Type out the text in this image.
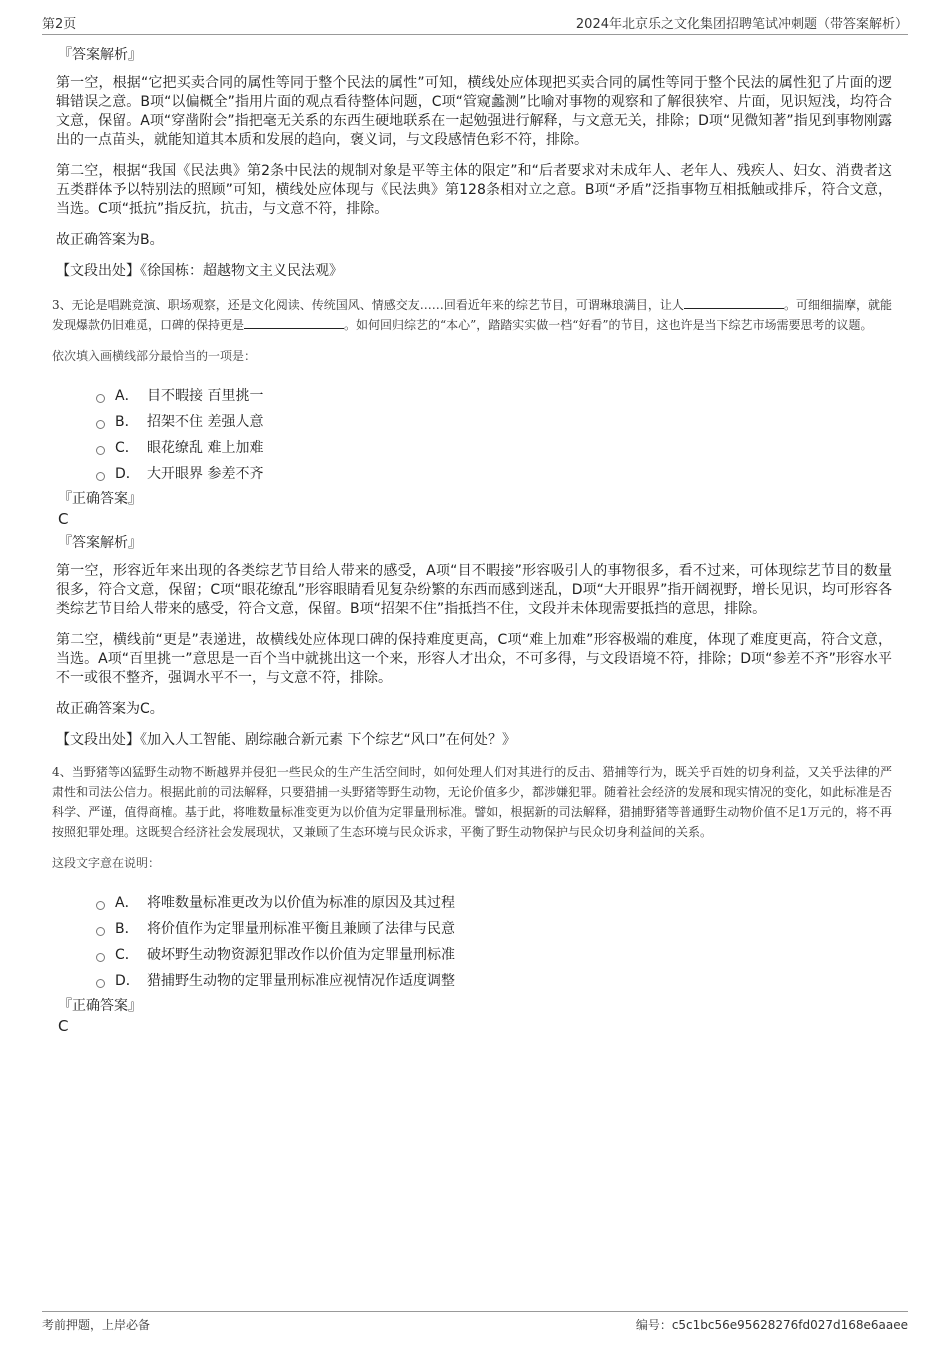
第2页	2024年北京乐之文化集团招聘笔试冲刺题（带答案解析）
『答案解析』

第一空，根据“它把买卖合同的属性等同于整个民法的属性”可知，横线处应体现把买卖合同的属性等同于整个民法的属性犯了片面的逻辑错误之意。B项“以偏概全”指用片面的观点看待整体问题，C项“管窥蠡测”比喻对事物的观察和了解很狭窄、片面，见识短浅，均符合文意，保留。A项“穿凿附会”指把毫无关系的东西生硬地联系在一起勉强进行解释，与文意无关，排除；D项“见微知著”指见到事物刚露出的一点苗头，就能知道其本质和发展的趋向，褒义词，与文段感情色彩不符，排除。

第二空，根据“我国《民法典》第2条中民法的规制对象是平等主体的限定”和“后者要求对未成年人、老年人、残疾人、妇女、消费者这五类群体予以特别法的照顾”可知，横线处应体现与《民法典》第128条相对立之意。B项“矛盾”泛指事物互相抵触或排斥，符合文意，当选。C项“抵抗”指反抗，抗击，与文意不符，排除。

故正确答案为B。

【文段出处】《徐国栋：超越物文主义民法观》

3、无论是唱跳竞演、职场观察，还是文化阅读、传统国风、情感交友……回看近年来的综艺节目，可谓琳琅满目，让人	。可细细揣摩，就能发现爆款仍旧难觅，口碑的保持更是	。如何回归综艺的“本心”，踏踏实实做一档“好看”的节目，这也许是当下综艺市场需要思考的议题。

依次填入画横线部分最恰当的一项是：
A． 目不暇接 百里挑一
B． 招架不住 差强人意
C． 眼花缭乱 难上加难
D． 大开眼界 参差不齐
『正确答案』
C
『答案解析』

第一空，形容近年来出现的各类综艺节目给人带来的感受，A项“目不暇接”形容吸引人的事物很多，看不过来，可体现综艺节目的数量很多，符合文意，保留；C项“眼花缭乱”形容眼睛看见复杂纷繁的东西而感到迷乱，D项“大开眼界”指开阔视野，增长见识，均可形容各类综艺节目给人带来的感受，符合文意，保留。B项“招架不住”指抵挡不住，文段并未体现需要抵挡的意思，排除。

第二空，横线前“更是”表递进，故横线处应体现口碑的保持难度更高，C项“难上加难”形容极端的难度，体现了难度更高，符合文意，当选。A项“百里挑一”意思是一百个当中就挑出这一个来，形容人才出众，不可多得，与文段语境不符，排除；D项“参差不齐”形容水平不一或很不整齐，强调水平不一，与文意不符，排除。

故正确答案为C。

【文段出处】《加入人工智能、剧综融合新元素 下个综艺“风口”在何处？》

4、当野猪等凶猛野生动物不断越界并侵犯一些民众的生产生活空间时，如何处理人们对其进行的反击、猎捕等行为，既关乎百姓的切身利益，又关乎法律的严肃性和司法公信力。根据此前的司法解释，只要猎捕一头野猪等野生动物，无论价值多少，都涉嫌犯罪。随着社会经济的发展和现实情况的变化，如此标准是否科学、严谨，值得商榷。基于此，将唯数量标准变更为以价值为定罪量刑标准。譬如，根据新的司法解释，猎捕野猪等普通野生动物价值不足1万元的，将不再按照犯罪处理。这既契合经济社会发展现状，又兼顾了生态环境与民众诉求，平衡了野生动物保护与民众切身利益间的关系。

这段文字意在说明：
A． 将唯数量标准更改为以价值为标准的原因及其过程
B． 将价值作为定罪量刑标准平衡且兼顾了法律与民意
C． 破坏野生动物资源犯罪改作以价值为定罪量刑标准
D． 猎捕野生动物的定罪量刑标准应视情况作适度调整
『正确答案』
C
考前押题，上岸必备	编号：c5c1bc56e95628276fd027d168e6aaee
